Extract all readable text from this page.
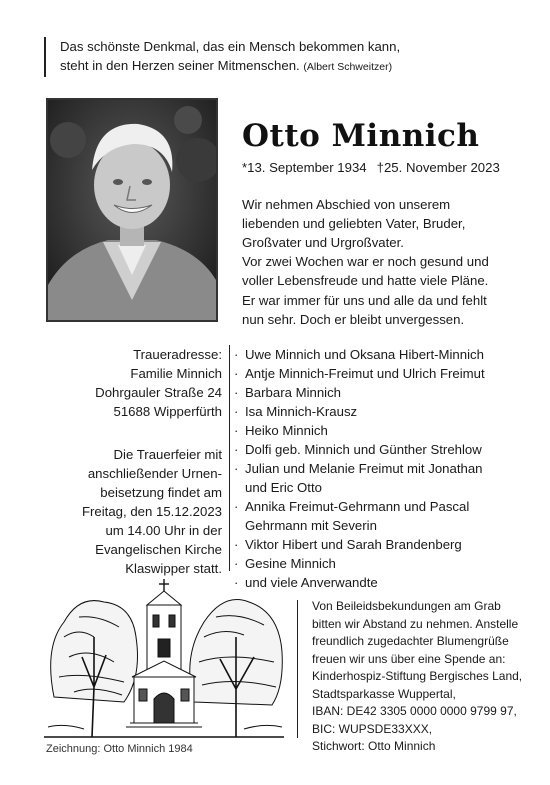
Das schönste Denkmal, das ein Mensch bekommen kann,
steht in den Herzen seiner Mitmenschen. (Albert Schweitzer)
Otto Minnich
*13. September 1934 †25. November 2023

Wir nehmen Abschied von unserem
liebenden und geliebten Vater, Bruder,
Großvater und Urgroßvater.

Vor zwei Wochen war er noch gesund und
voller Lebensfreude und hatte viele Pläne.

Er war immer für uns und alle da und fehlt
nun sehr. Doch er bleibt unvergessen.

Traueradresse:
Familie Minnich
Dohrgauler Straße 24
51688 Wipperfürth
Die Trauerfeier mit
anschließender Urnen-
beisetzung findet am
Freitag, den 15.12.2023
um 14.00 Uhr in der
Evangelischen Kirche
Klaswipper statt.
· Uwe Minnich und Oksana Hibert-Minnich
· Antje Minnich-Freimut und Ulrich Freimut
· Barbara Minnich
· Isa Minnich-Krausz
· Heiko Minnich
· Dolfi geb. Minnich und Günther Strehlow
· Julian und Melanie Freimut mit Jonathan
und Eric Otto
· Annika Freimut-Gehrmann und Pascal
Gehrmann mit Severin
· Viktor Hibert und Sarah Brandenberg
· Gesine Minnich
· und viele Anverwandte
Zeichnung: Otto Minnich 1984
Von Beileidsbekundungen am Grab
bitten wir Abstand zu nehmen. Anstelle
freundlich zugedachter Blumengrüße
freuen wir uns über eine Spende an:
Kinderhospiz-Stiftung Bergisches Land,
Stadtsparkasse Wuppertal,
IBAN: DE42 3305 0000 0000 9799 97,
BIC: WUPSDE33XXX,
Stichwort: Otto Minnich
